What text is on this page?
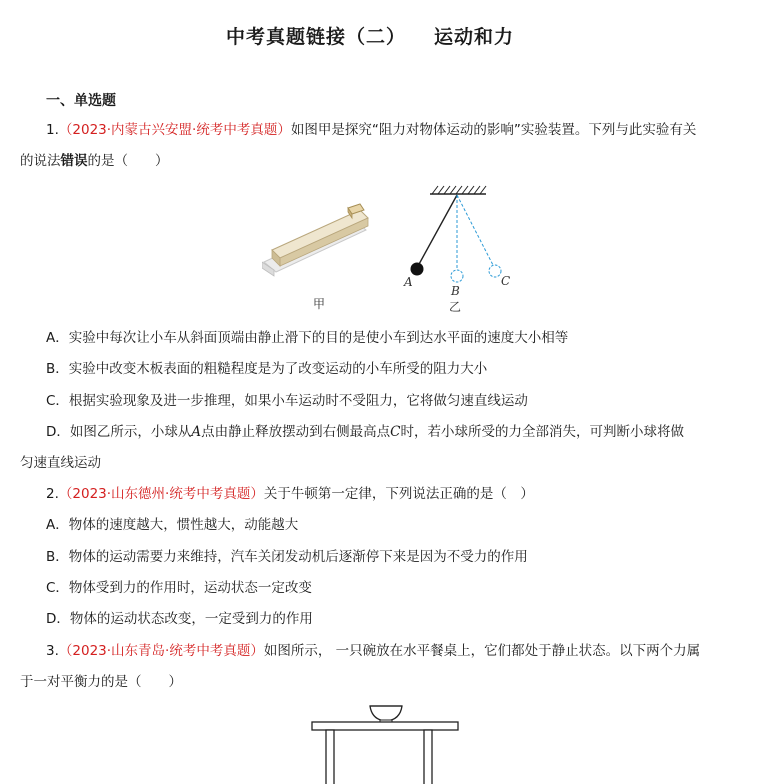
中考真题链接（二） 运动和力
一、单选题
1.（2023·内蒙古兴安盟·统考中考真题）如图甲是探究“阻力对物体运动的影响”实验装置。下列与此实验有关
的说法错误的是（　　）
甲
A
B
C
乙
A．实验中每次让小车从斜面顶端由静止滑下的目的是使小车到达水平面的速度大小相等
B．实验中改变木板表面的粗糙程度是为了改变运动的小车所受的阻力大小
C．根据实验现象及进一步推理，如果小车运动时不受阻力，它将做匀速直线运动
D．如图乙所示，小球从A点由静止释放摆动到右侧最高点C时，若小球所受的力全部消失，可判断小球将做
匀速直线运动
2.（2023·山东德州·统考中考真题）关于牛顿第一定律，下列说法正确的是（　）
A．物体的速度越大，惯性越大，动能越大
B．物体的运动需要力来维持，汽车关闭发动机后逐渐停下来是因为不受力的作用
C．物体受到力的作用时，运动状态一定改变
D．物体的运动状态改变，一定受到力的作用
3.（2023·山东青岛·统考中考真题）如图所示， 一只碗放在水平餐桌上，它们都处于静止状态。以下两个力属
于一对平衡力的是（　　）
